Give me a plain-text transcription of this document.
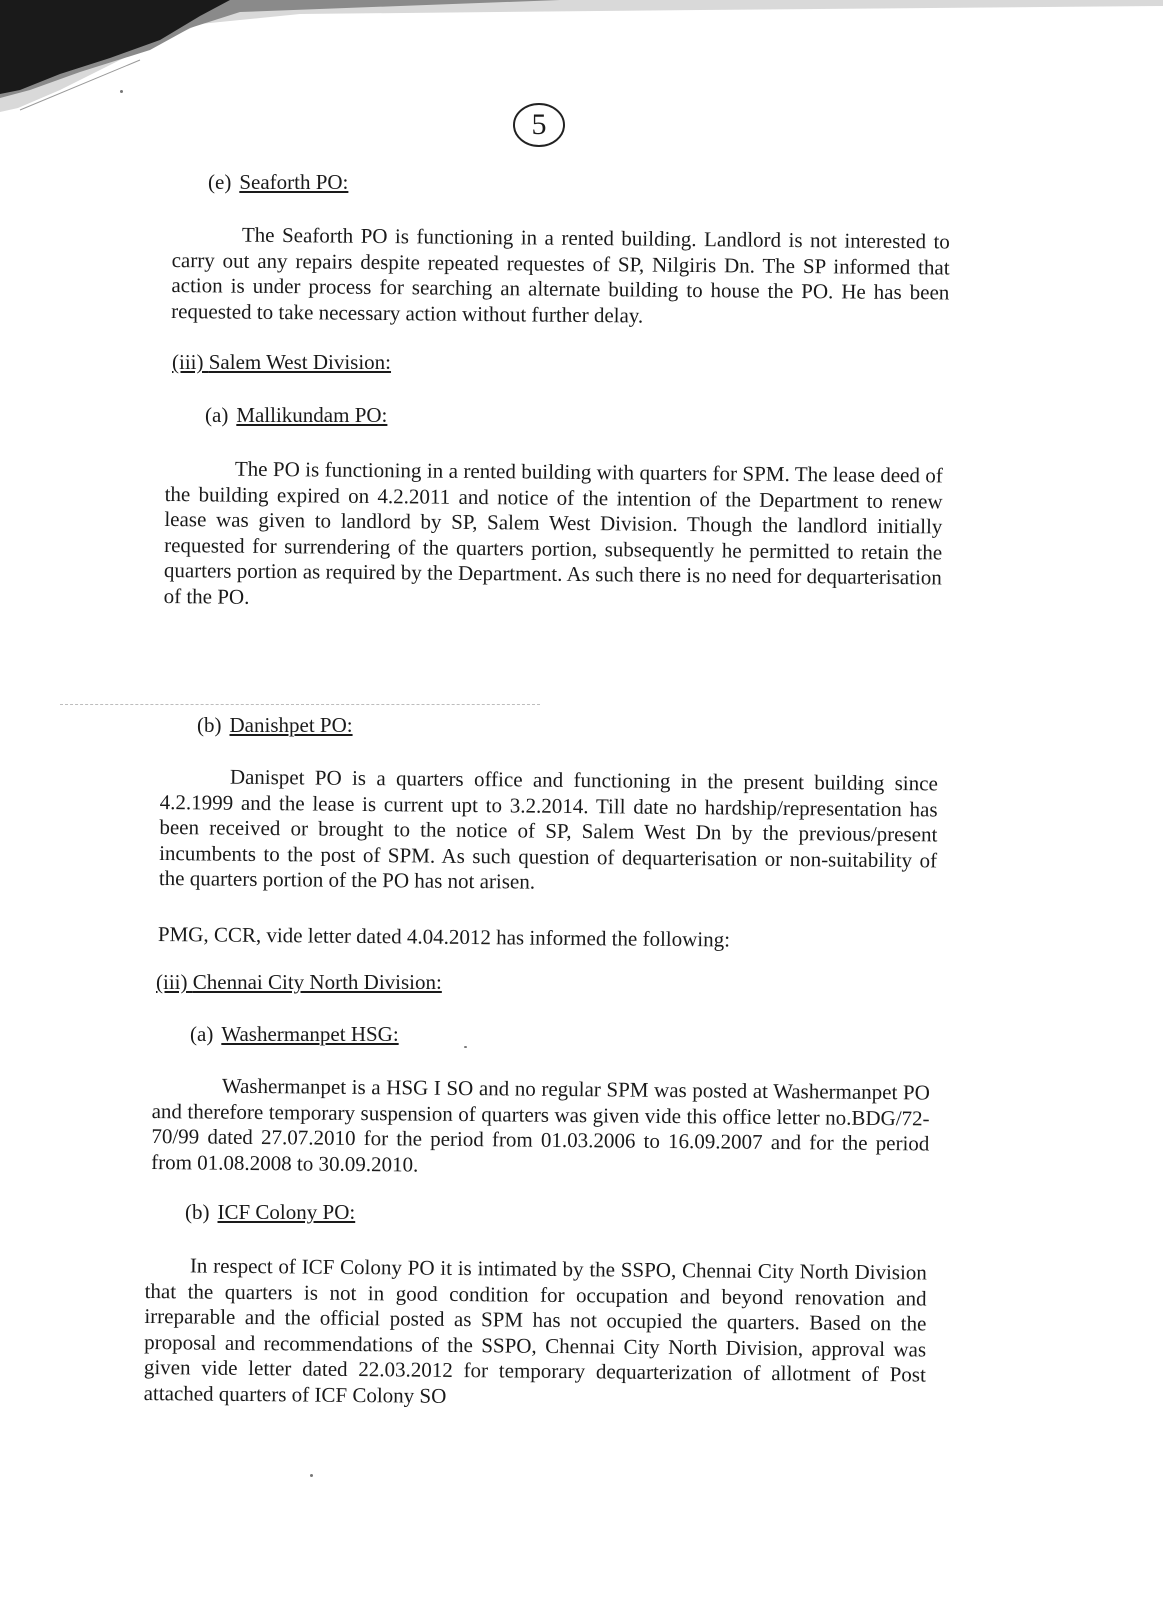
5
(e) Seaforth PO:

The Seaforth PO is functioning in a rented building. Landlord is not interested to carry out any repairs despite repeated requestes of SP, Nilgiris Dn. The SP informed that action is under process for searching an alternate building to house the PO. He has been requested to take necessary action without further delay.

(iii) Salem West Division:
(a) Mallikundam PO:

The PO is functioning in a rented building with quarters for SPM. The lease deed of the building expired on 4.2.2011 and notice of the intention of the Department to renew lease was given to landlord by SP, Salem West Division. Though the landlord initially requested for surrendering of the quarters portion, subsequently he permitted to retain the quarters portion as required by the Department. As such there is no need for dequarterisation of the PO.

(b) Danishpet PO:

Danispet PO is a quarters office and functioning in the present building since 4.2.1999 and the lease is current upt to 3.2.2014. Till date no hardship/representation has been received or brought to the notice of SP, Salem West Dn by the previous/present incumbents to the post of SPM. As such question of dequarterisation or non-suitability of the quarters portion of the PO has not arisen.

PMG, CCR, vide letter dated 4.04.2012 has informed the following:
(iii) Chennai City North Division:
(a) Washermanpet HSG:

Washermanpet is a HSG I SO and no regular SPM was posted at Washermanpet PO and therefore temporary suspension of quarters was given vide this office letter no.BDG/72-70/99 dated 27.07.2010 for the period from 01.03.2006 to 16.09.2007 and for the period from 01.08.2008 to 30.09.2010.

(b) ICF Colony PO:

In respect of ICF Colony PO it is intimated by the SSPO, Chennai City North Division that the quarters is not in good condition for occupation and beyond renovation and irreparable and the official posted as SPM has not occupied the quarters. Based on the proposal and recommendations of the SSPO, Chennai City North Division, approval was given vide letter dated 22.03.2012 for temporary dequarterization of allotment of Post attached quarters of ICF Colony SO
